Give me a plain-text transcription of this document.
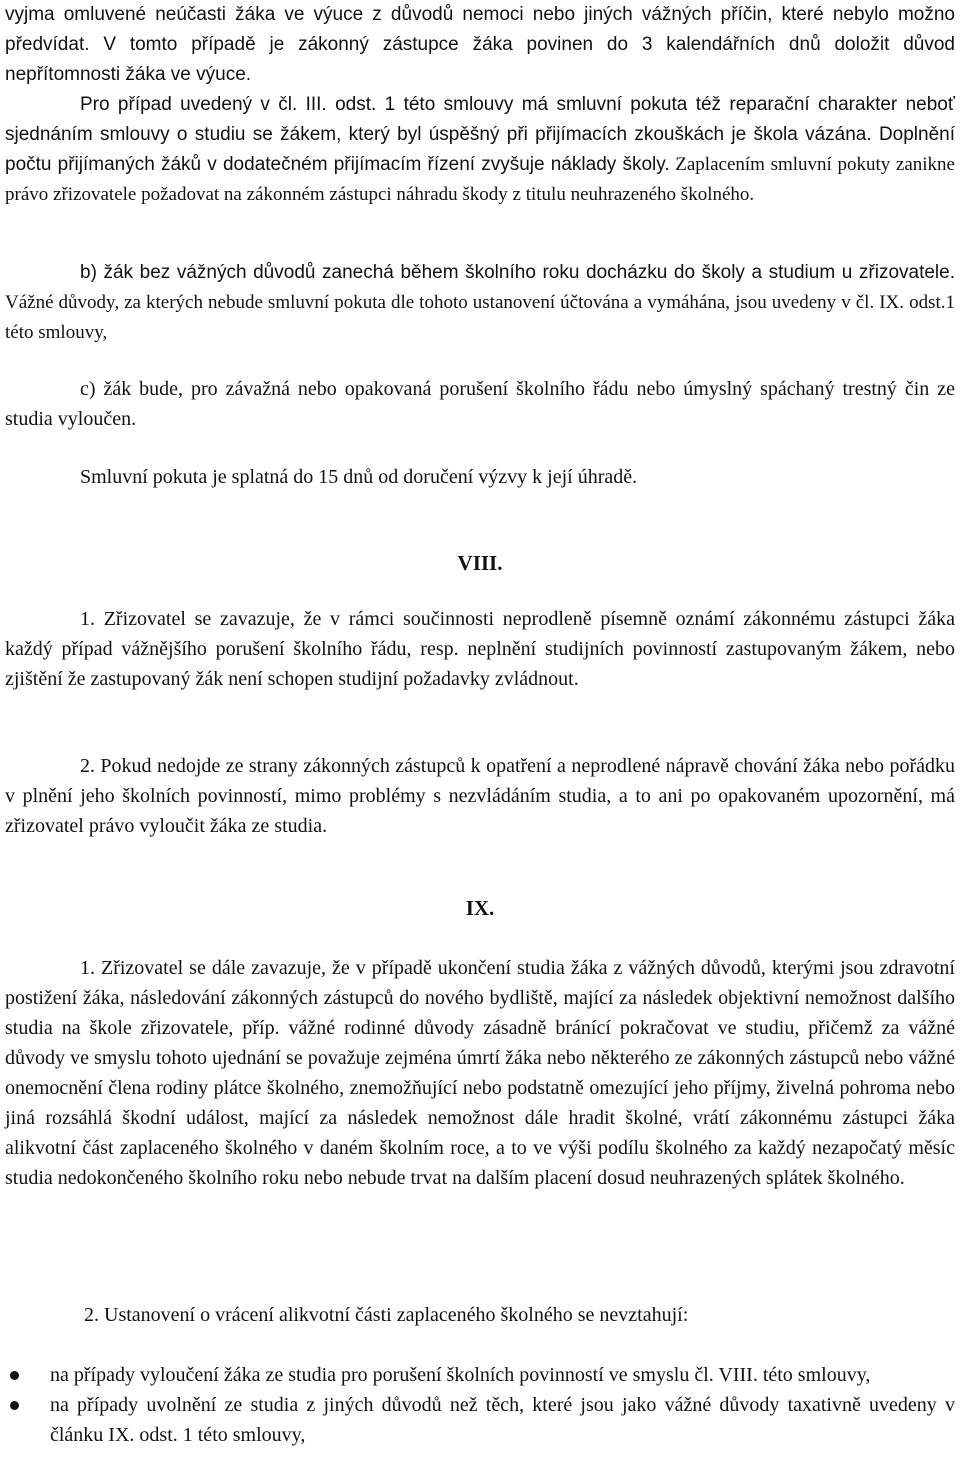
vyjma omluvené neúčasti žáka ve výuce z důvodů nemoci nebo jiných vážných příčin, které nebylo možno předvídat. V tomto případě je zákonný zástupce žáka povinen do 3 kalendářních dnů doložit důvod nepřítomnosti žáka ve výuce.

Pro případ uvedený v čl. III. odst. 1 této smlouvy má smluvní pokuta též reparační charakter neboť sjednáním smlouvy o studiu se žákem, který byl úspěšný při přijímacích zkouškách je škola vázána. Doplnění počtu přijímaných žáků v dodatečném přijímacím řízení zvyšuje náklady školy. Zaplacením smluvní pokuty zanikne právo zřizovatele požadovat na zákonném zástupci náhradu škody z titulu neuhrazeného školného.

b) žák bez vážných důvodů zanechá během školního roku docházku do školy a studium u zřizovatele. Vážné důvody, za kterých nebude smluvní pokuta dle tohoto ustanovení účtována a vymáhána, jsou uvedeny v čl. IX. odst.1 této smlouvy,

c) žák bude, pro závažná nebo opakovaná porušení školního řádu nebo úmyslný spáchaný trestný čin ze studia vyloučen.

Smluvní pokuta je splatná do 15 dnů od doručení výzvy k její úhradě.

VIII.

1. Zřizovatel se zavazuje, že v rámci součinnosti neprodleně písemně oznámí zákonnému zástupci žáka každý případ vážnějšího porušení školního řádu, resp. neplnění studijních povinností zastupovaným žákem, nebo zjištění že zastupovaný žák není schopen studijní požadavky zvládnout.

2. Pokud nedojde ze strany zákonných zástupců k opatření a neprodlené nápravě chování žáka nebo pořádku v plnění jeho školních povinností, mimo problémy s nezvládáním studia, a to ani po opakovaném upozornění, má zřizovatel právo vyloučit žáka ze studia.

IX.

1. Zřizovatel se dále zavazuje, že v případě ukončení studia žáka z vážných důvodů, kterými jsou zdravotní postižení žáka, následování zákonných zástupců do nového bydliště, mající za následek objektivní nemožnost dalšího studia na škole zřizovatele, příp. vážné rodinné důvody zásadně bránící pokračovat ve studiu, přičemž za vážné důvody ve smyslu tohoto ujednání se považuje zejména úmrtí žáka nebo některého ze zákonných zástupců nebo vážné onemocnění člena rodiny plátce školného, znemožňující nebo podstatně omezující jeho příjmy, živelná pohroma nebo jiná rozsáhlá škodní událost, mající za následek nemožnost dále hradit školné, vrátí zákonnému zástupci žáka alikvotní část zaplaceného školného v daném školním roce, a to ve výši podílu školného za každý nezapočatý měsíc studia nedokončeného školního roku nebo nebude trvat na dalším placení dosud neuhrazených splátek školného.

2. Ustanovení o vrácení alikvotní části zaplaceného školného se nevztahují:

na případy vyloučení žáka ze studia pro porušení školních povinností ve smyslu čl. VIII. této smlouvy,
na případy uvolnění ze studia z jiných důvodů než těch, které jsou jako vážné důvody taxativně uvedeny v článku IX. odst. 1 této smlouvy,
